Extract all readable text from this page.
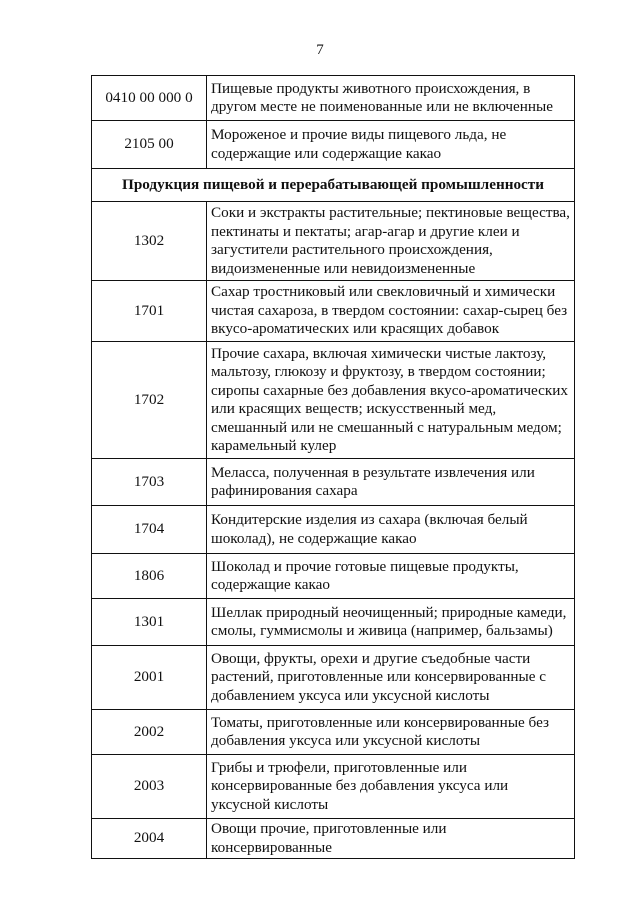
7
0410 00 000 0	Пищевые продукты животного происхождения, в другом месте не поименованные или не включенные
2105 00	Мороженое и прочие виды пищевого льда, не содержащие или содержащие какао
Продукция пищевой и перерабатывающей промышленности	
1302	Соки и экстракты растительные; пектиновые вещества, пектинаты и пектаты; агар-агар и другие клеи и загустители растительного происхождения, видоизмененные или невидоизмененные
1701	Сахар тростниковый или свекловичный и химически чистая сахароза, в твердом состоянии: сахар-сырец без вкусо-ароматических или красящих добавок
1702	Прочие сахара, включая химически чистые лактозу, мальтозу, глюкозу и фруктозу, в твердом состоянии; сиропы сахарные без добавления вкусо-ароматических или красящих веществ; искусственный мед, смешанный или не смешанный с натуральным медом; карамельный кулер
1703	Меласса, полученная в результате извлечения или рафинирования сахара
1704	Кондитерские изделия из сахара (включая белый шоколад), не содержащие какао
1806	Шоколад и прочие готовые пищевые продукты, содержащие какао
1301	Шеллак природный неочищенный; природные камеди, смолы, гуммисмолы и живица (например, бальзамы)
2001	Овощи, фрукты, орехи и другие съедобные части растений, приготовленные или консервированные с добавлением уксуса или уксусной кислоты
2002	Томаты, приготовленные или консервированные без добавления уксуса или уксусной кислоты
2003	Грибы и трюфели, приготовленные или консервированные без добавления уксуса или уксусной кислоты
2004	Овощи прочие, приготовленные или консервированные
